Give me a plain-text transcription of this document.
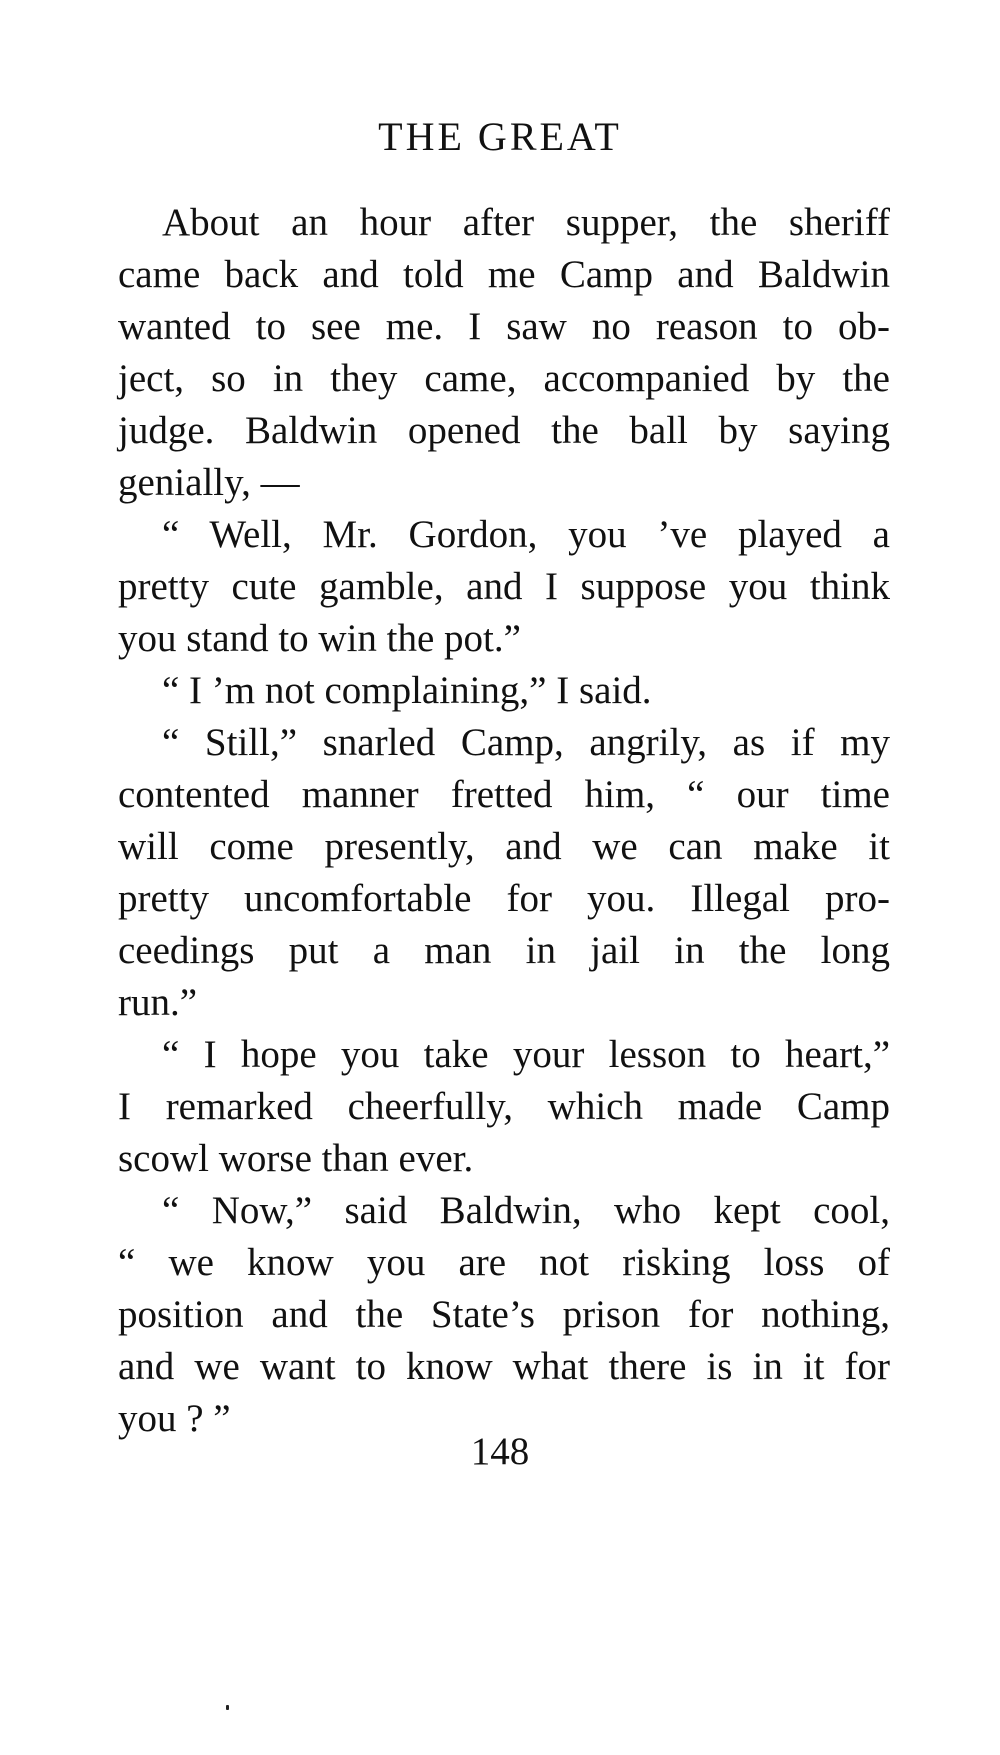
THE GREAT
About an hour after supper, the sheriff
came back and told me Camp and Baldwin
wanted to see me. I saw no reason to ob-
ject, so in they came, accompanied by the
judge. Baldwin opened the ball by saying
genially, —
“ Well, Mr. Gordon, you ’ve played a
pretty cute gamble, and I suppose you think
you stand to win the pot.”
“ I ’m not complaining,” I said.
“ Still,” snarled Camp, angrily, as if my
contented manner fretted him, “ our time
will come presently, and we can make it
pretty uncomfortable for you. Illegal pro-
ceedings put a man in jail in the long
run.”
“ I hope you take your lesson to heart,”
I remarked cheerfully, which made Camp
scowl worse than ever.
“ Now,” said Baldwin, who kept cool,
“ we know you are not risking loss of
position and the State’s prison for nothing,
and we want to know what there is in it for
you ? ”
148
